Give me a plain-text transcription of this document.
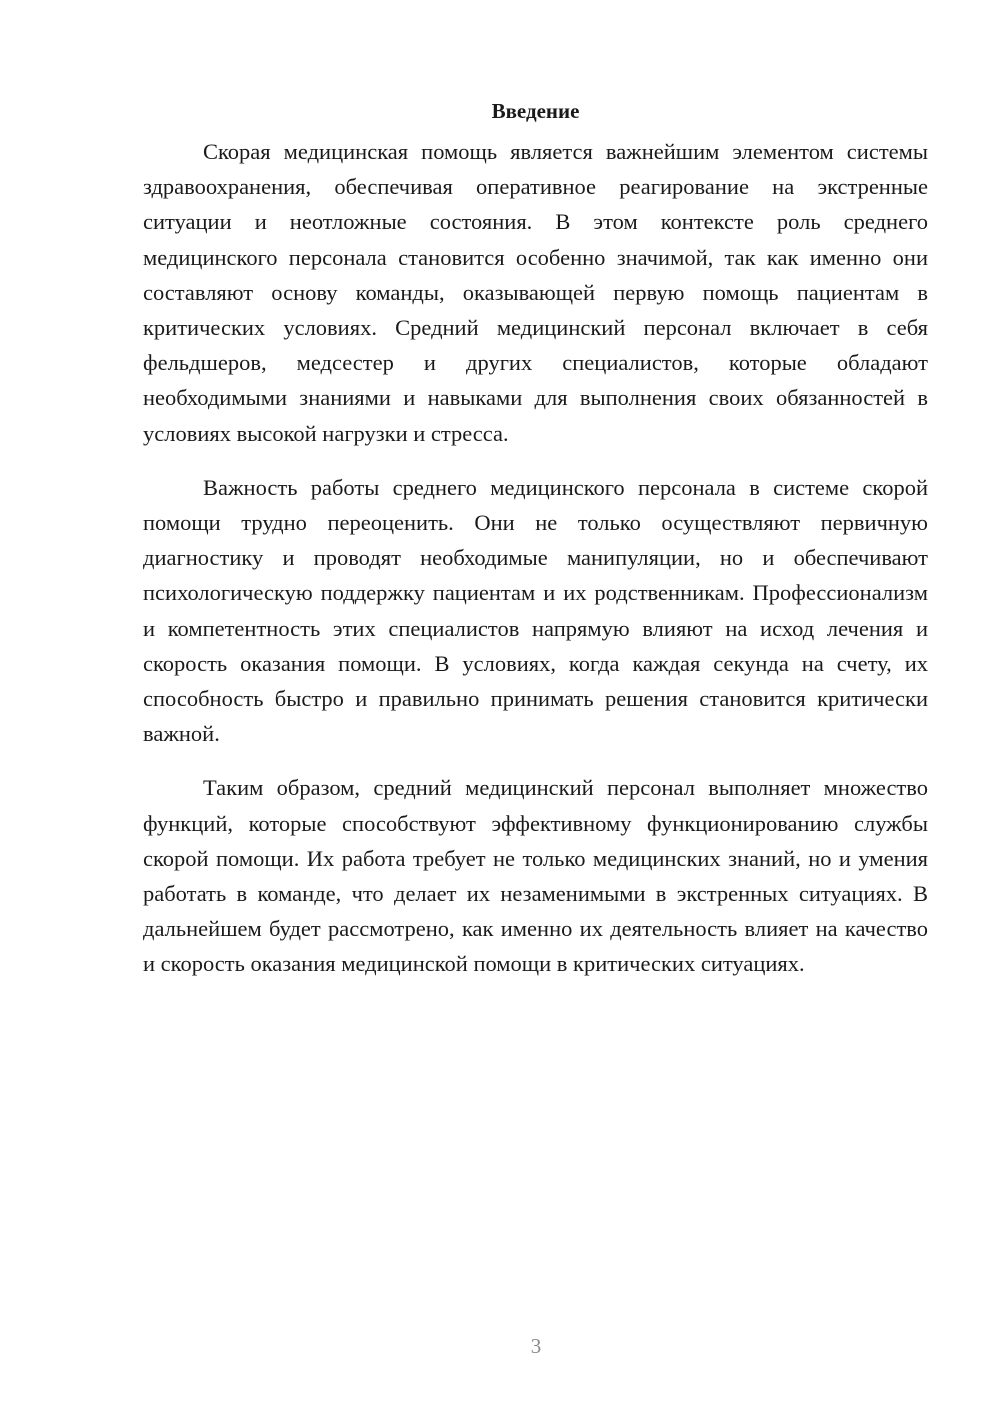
Введение

Скорая медицинская помощь является важнейшим элементом системы здравоохранения, обеспечивая оперативное реагирование на экстренные ситуации и неотложные состояния. В этом контексте роль среднего медицинского персонала становится особенно значимой, так как именно они составляют основу команды, оказывающей первую помощь пациентам в критических условиях. Средний медицинский персонал включает в себя фельдшеров, медсестер и других специалистов, которые обладают необходимыми знаниями и навыками для выполнения своих обязанностей в условиях высокой нагрузки и стресса.

Важность работы среднего медицинского персонала в системе скорой помощи трудно переоценить. Они не только осуществляют первичную диагностику и проводят необходимые манипуляции, но и обеспечивают психологическую поддержку пациентам и их родственникам. Профессионализм и компетентность этих специалистов напрямую влияют на исход лечения и скорость оказания помощи. В условиях, когда каждая секунда на счету, их способность быстро и правильно принимать решения становится критически важной.

Таким образом, средний медицинский персонал выполняет множество функций, которые способствуют эффективному функционированию службы скорой помощи. Их работа требует не только медицинских знаний, но и умения работать в команде, что делает их незаменимыми в экстренных ситуациях. В дальнейшем будет рассмотрено, как именно их деятельность влияет на качество и скорость оказания медицинской помощи в критических ситуациях.

3
